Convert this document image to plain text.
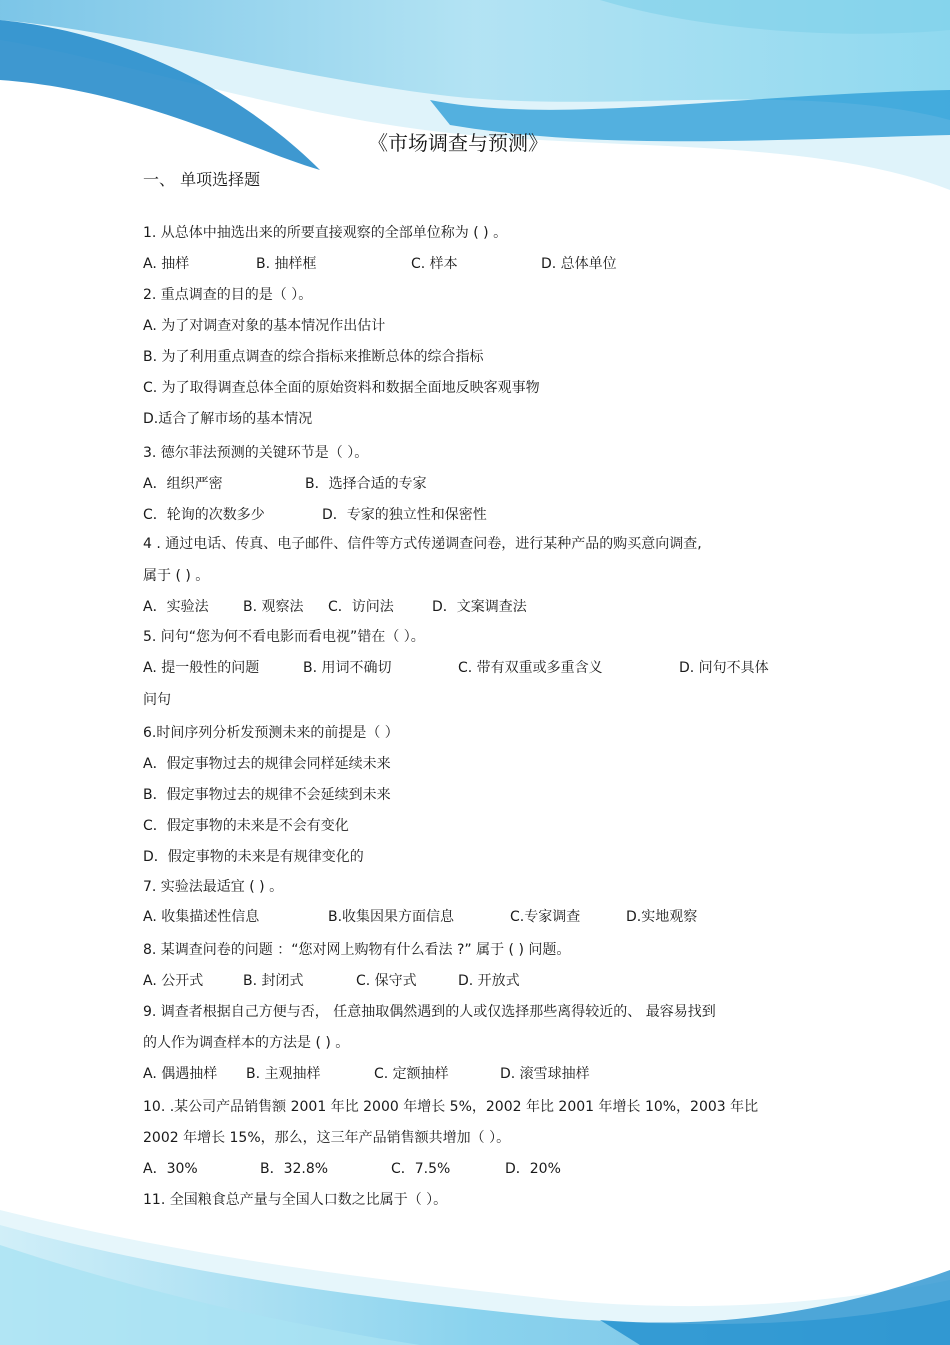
《市场调查与预测》
一、 单项选择题
1. 从总体中抽选出来的所要直接观察的全部单位称为 ( ) 。
A. 抽样	B. 抽样框	C. 样本	D. 总体单位
2. 重点调查的目的是（ ）。
A. 为了对调查对象的基本情况作出估计
B. 为了利用重点调查的综合指标来推断总体的综合指标
C. 为了取得调查总体全面的原始资料和数据全面地反映客观事物
D.适合了解市场的基本情况
3. 德尔菲法预测的关键环节是（ ）。
A．组织严密	B．选择合适的专家
C．轮询的次数多少	D．专家的独立性和保密性
4 . 通过电话、传真、电子邮件、信件等方式传递调查问卷，进行某种产品的购买意向调查,
属于 ( ) 。
A．实验法 B. 观察法 C．访问法	D．文案调查法
5. 问句“您为何不看电影而看电视”错在（ ）。
A. 提一般性的问题	B. 用词不确切	C. 带有双重或多重含义	D. 问句不具体
问句
6.时间序列分析发预测未来的前提是（ ）
A．假定事物过去的规律会同样延续未来
B．假定事物过去的规律不会延续到未来
C．假定事物的未来是不会有变化
D．假定事物的未来是有规律变化的
7. 实验法最适宜 ( ) 。
A. 收集描述性信息	B.收集因果方面信息	C.专家调查	D.实地观察
8. 某调查问卷的问题 ：“您对网上购物有什么看法 ?” 属于 ( ) 问题。
A. 公开式	B. 封闭式	C. 保守式	D. 开放式
9. 调查者根据自己方便与否， 任意抽取偶然遇到的人或仅选择那些离得较近的、 最容易找到
的人作为调查样本的方法是 ( ) 。
A. 偶遇抽样 B. 主观抽样	C. 定额抽样	D. 滚雪球抽样
10. .某公司产品销售额 2001 年比 2000 年增长 5%，2002 年比 2001 年增长 10%，2003 年比
2002 年增长 15%，那么，这三年产品销售额共增加（ ）。
A．30%	B．32.8%	C．7.5%	D．20%
11. 全国粮食总产量与全国人口数之比属于（ ）。
